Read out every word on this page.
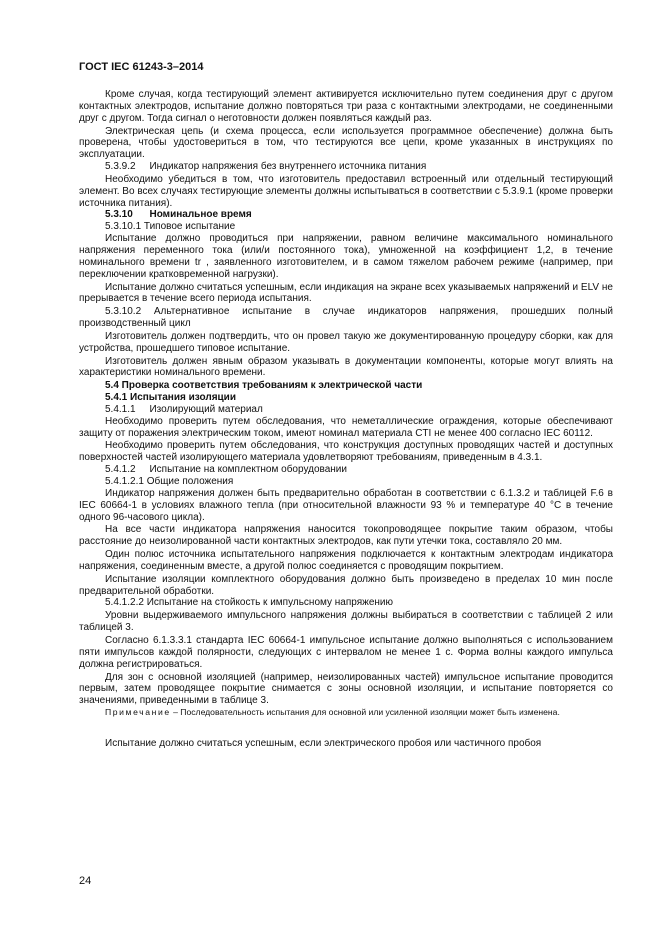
ГОСТ IEC 61243-3–2014

Кроме случая, когда тестирующий элемент активируется исключительно путем соединения друг с другом контактных электродов, испытание должно повторяться три раза с контактными электродами, не соединенными друг с другом. Тогда сигнал о неготовности должен появляться каждый раз.

Электрическая цепь (и схема процесса, если используется программное обеспечение) должна быть проверена, чтобы удостовериться в том, что тестируются все цепи, кроме указанных в инструкциях по эксплуатации.

5.3.9.2     Индикатор напряжения без внутреннего источника питания

Необходимо убедиться в том, что изготовитель предоставил встроенный или отдельный тестирующий элемент. Во всех случаях тестирующие элементы должны испытываться в соответствии с 5.3.9.1 (кроме проверки источника питания).

5.3.10      Номинальное время

5.3.10.1 Типовое испытание

Испытание должно проводиться при напряжении, равном величине максимального номинального напряжения переменного тока (или/и постоянного тока), умноженной на коэффициент 1,2, в течение номинального времени tr , заявленного изготовителем, и в самом тяжелом рабочем режиме (например, при переключении кратковременной нагрузки).

Испытание должно считаться успешным, если индикация на экране всех указываемых напряжений и ELV не прерывается в течение всего периода испытания.

5.3.10.2 Альтернативное испытание в случае индикаторов напряжения, прошедших полный производственный цикл

Изготовитель должен подтвердить, что он провел такую же документированную процедуру сборки, как для устройства, прошедшего типовое испытание.

Изготовитель должен явным образом указывать в документации компоненты, которые могут влиять на характеристики номинального времени.

5.4 Проверка соответствия требованиям к электрической части

5.4.1 Испытания изоляции

5.4.1.1     Изолирующий материал

Необходимо проверить путем обследования, что неметаллические ограждения, которые обеспечивают защиту от поражения электрическим током, имеют номинал материала CTI не менее 400 согласно IEC 60112.

Необходимо проверить путем обследования, что конструкция доступных проводящих частей и доступных поверхностей частей изолирующего материала удовлетворяют требованиям, приведенным в 4.3.1.

5.4.1.2     Испытание на комплектном оборудовании

5.4.1.2.1 Общие положения

Индикатор напряжения должен быть предварительно обработан в соответствии с 6.1.3.2 и таблицей F.6 в IEC 60664-1 в условиях влажного тепла (при относительной влажности 93 % и температуре 40 °C в течение одного 96-часового цикла).

На все части индикатора напряжения наносится токопроводящее покрытие таким образом, чтобы расстояние до неизолированной части контактных электродов, как пути утечки тока, составляло 20 мм.

Один полюс источника испытательного напряжения подключается к контактным электродам индикатора напряжения, соединенным вместе, а другой полюс соединяется с проводящим покрытием.

Испытание изоляции комплектного оборудования должно быть произведено в пределах 10 мин после предварительной обработки.

5.4.1.2.2 Испытание на стойкость к импульсному напряжению

Уровни выдерживаемого импульсного напряжения должны выбираться в соответствии с таблицей 2 или таблицей 3.

Согласно 6.1.3.3.1 стандарта IEC 60664-1 импульсное испытание должно выполняться с использованием пяти импульсов каждой полярности, следующих с интервалом не менее 1 с. Форма волны каждого импульса должна регистрироваться.

Для зон с основной изоляцией (например, неизолированных частей) импульсное испытание проводится первым, затем проводящее покрытие снимается с зоны основной изоляции, и испытание повторяется со значениями, приведенными в таблице 3.

Примечание – Последовательность испытания для основной или усиленной изоляции может быть изменена.

Испытание должно считаться успешным, если электрического пробоя или частичного пробоя

24
